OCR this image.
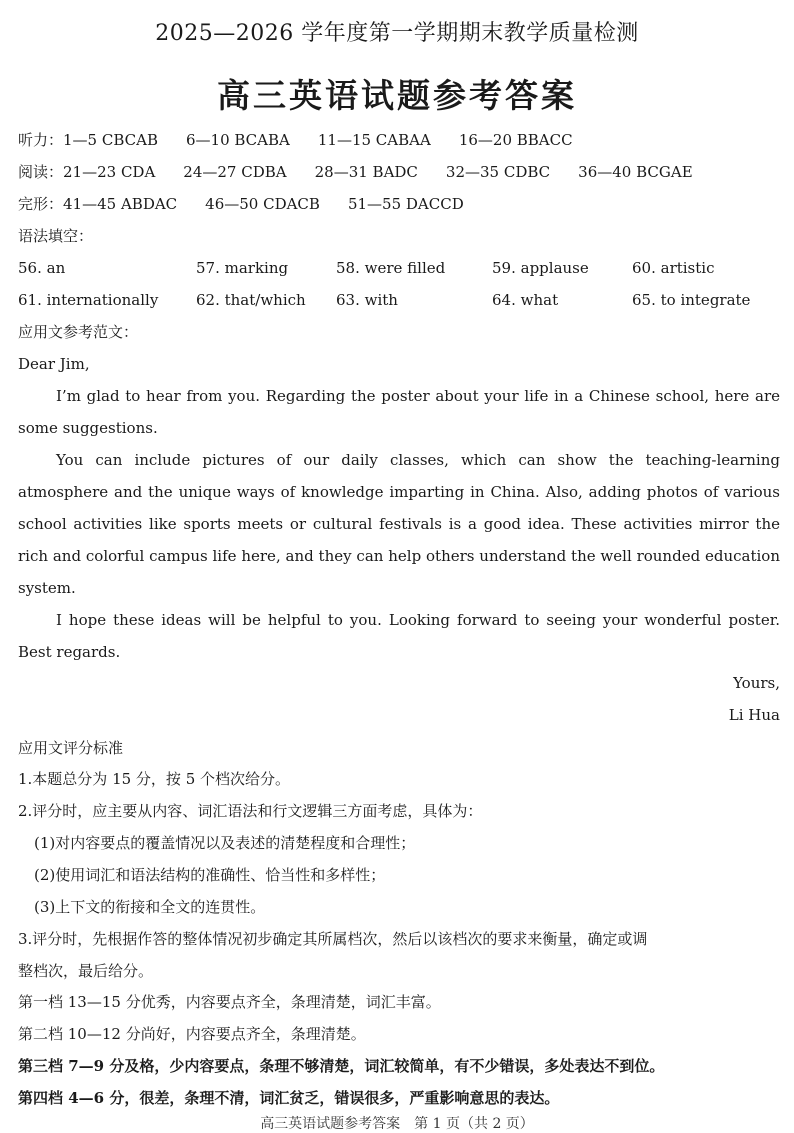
2025—2026 学年度第一学期期末教学质量检测
高三英语试题参考答案
听力：1—5 CBCAB 6—10 BCABA 11—15 CABAA 16—20 BBACC
阅读：21—23 CDA 24—27 CDBA 28—31 BADC 32—35 CDBC 36—40 BCGAE
完形：41—45 ABDAC 46—50 CDACB 51—55 DACCD
语法填空：
56. an	57. marking	58. were filled	59. applause	60. artistic
61. internationally	62. that/which 63. with	64. what	65. to integrate
应用文参考范文：
Dear Jim,

I’m glad to hear from you. Regarding the poster about your life in a Chinese school, here are some suggestions.

You can include pictures of our daily classes, which can show the teaching-learning atmosphere and the unique ways of knowledge imparting in China. Also, adding photos of various school activities like sports meets or cultural festivals is a good idea. These activities mirror the rich and colorful campus life here, and they can help others understand the well rounded education system.

I hope these ideas will be helpful to you. Looking forward to seeing your wonderful poster. Best regards.

Yours,
Li Hua
应用文评分标准
1.本题总分为 15 分，按 5 个档次给分。
2.评分时，应主要从内容、词汇语法和行文逻辑三方面考虑，具体为：
(1)对内容要点的覆盖情况以及表述的清楚程度和合理性；
(2)使用词汇和语法结构的准确性、恰当性和多样性；
(3)上下文的衔接和全文的连贯性。
3.评分时，先根据作答的整体情况初步确定其所属档次，然后以该档次的要求来衡量，确定或调
整档次，最后给分。
第一档 13—15 分优秀，内容要点齐全，条理清楚，词汇丰富。
第二档 10—12 分尚好，内容要点齐全，条理清楚。
第三档 7—9 分及格，少内容要点，条理不够清楚，词汇较简单，有不少错误，多处表达不到位。
第四档 4—6 分，很差，条理不清，词汇贫乏，错误很多，严重影响意思的表达。
高三英语试题参考答案　第 1 页（共 2 页）
